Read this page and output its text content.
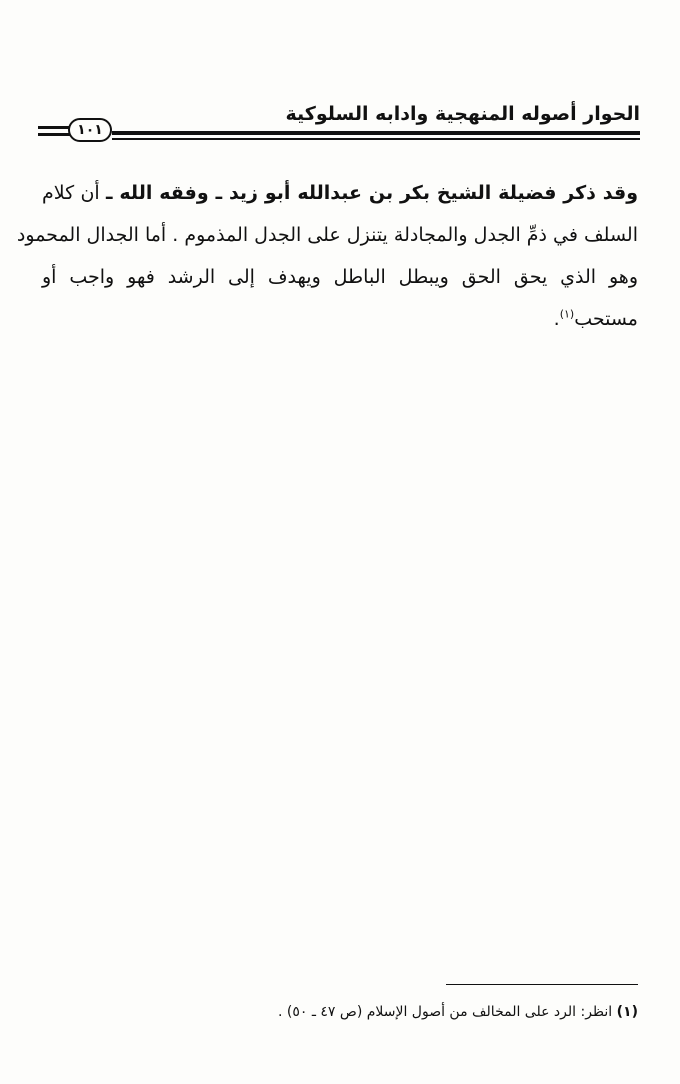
الحوار أصوله المنهجية وادابه السلوكية
١٠١
وقد ذكر فضيلة الشيخ بكر بن عبدالله أبو زيد ـ وفقه الله ـ أن كلام
السلف في ذمِّ الجدل والمجادلة يتنزل على الجدل المذموم . أما الجدال المحمود
وهو الذي يحق الحق ويبطل الباطل ويهدف إلى الرشد فهو واجب أو
مستحب$^{(١)}$.
(١) انظر: الرد على المخالف من أصول الإسلام (ص ٤٧ ـ ٥٠) .
